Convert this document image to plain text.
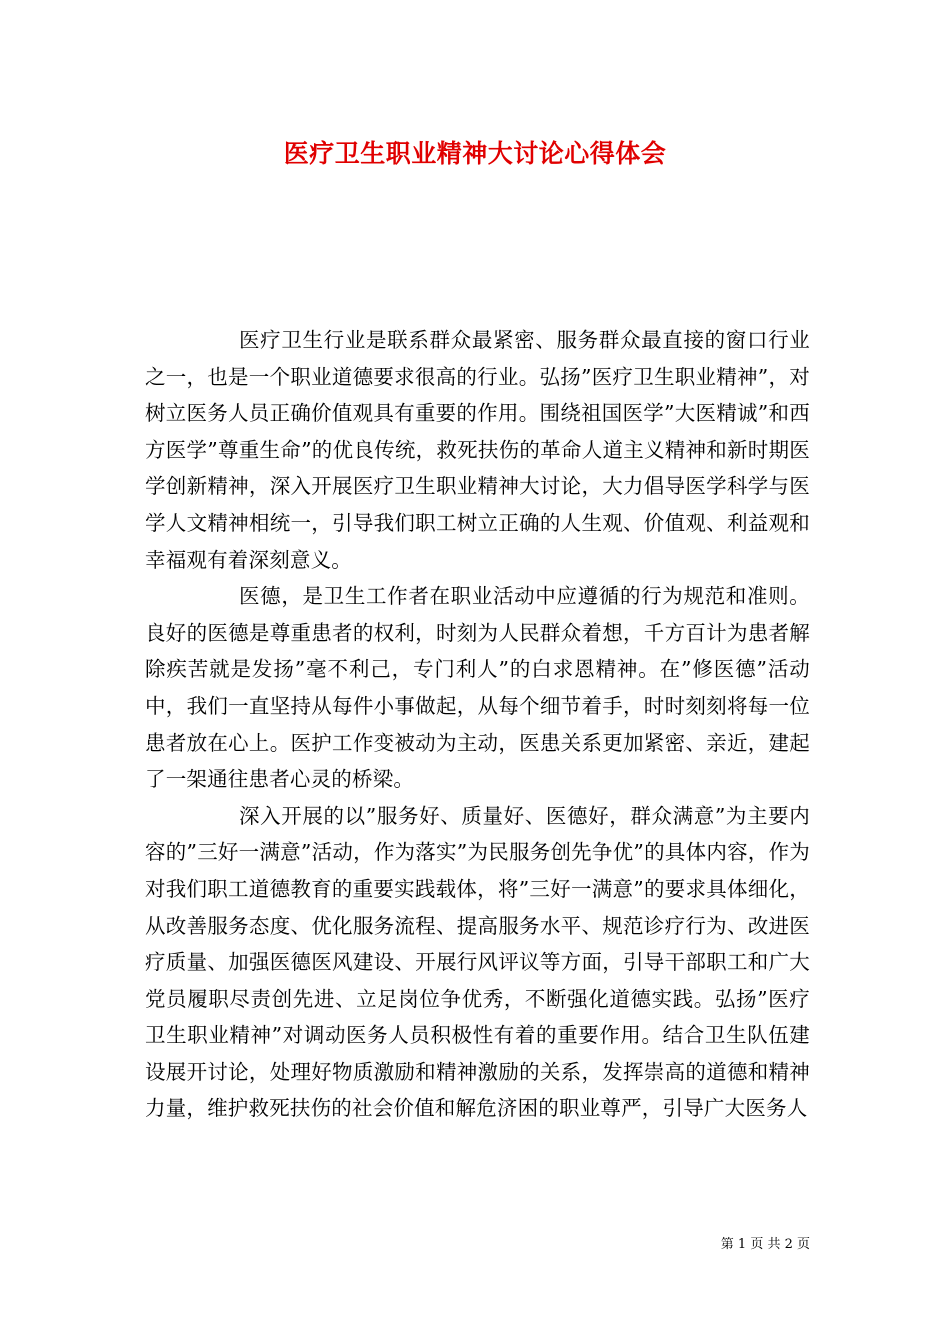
医疗卫生职业精神大讨论心得体会

医疗卫生行业是联系群众最紧密、服务群众最直接的窗口行业之一，也是一个职业道德要求很高的行业。弘扬”医疗卫生职业精神”，对树立医务人员正确价值观具有重要的作用。围绕祖国医学”大医精诚”和西方医学”尊重生命”的优良传统，救死扶伤的革命人道主义精神和新时期医学创新精神，深入开展医疗卫生职业精神大讨论，大力倡导医学科学与医学人文精神相统一，引导我们职工树立正确的人生观、价值观、利益观和幸福观有着深刻意义。

医德，是卫生工作者在职业活动中应遵循的行为规范和准则。良好的医德是尊重患者的权利，时刻为人民群众着想，千方百计为患者解除疾苦就是发扬”毫不利己，专门利人”的白求恩精神。在”修医德”活动中，我们一直坚持从每件小事做起，从每个细节着手，时时刻刻将每一位患者放在心上。医护工作变被动为主动，医患关系更加紧密、亲近，建起了一架通往患者心灵的桥梁。

深入开展的以”服务好、质量好、医德好，群众满意”为主要内容的”三好一满意”活动，作为落实”为民服务创先争优”的具体内容，作为对我们职工道德教育的重要实践载体，将”三好一满意”的要求具体细化，从改善服务态度、优化服务流程、提高服务水平、规范诊疗行为、改进医疗质量、加强医德医风建设、开展行风评议等方面，引导干部职工和广大党员履职尽责创先进、立足岗位争优秀，不断强化道德实践。弘扬”医疗卫生职业精神”对调动医务人员积极性有着的重要作用。结合卫生队伍建设展开讨论，处理好物质激励和精神激励的关系，发挥崇高的道德和精神力量，维护救死扶伤的社会价值和解危济困的职业尊严，引导广大医务人

第 1 页 共 2 页
